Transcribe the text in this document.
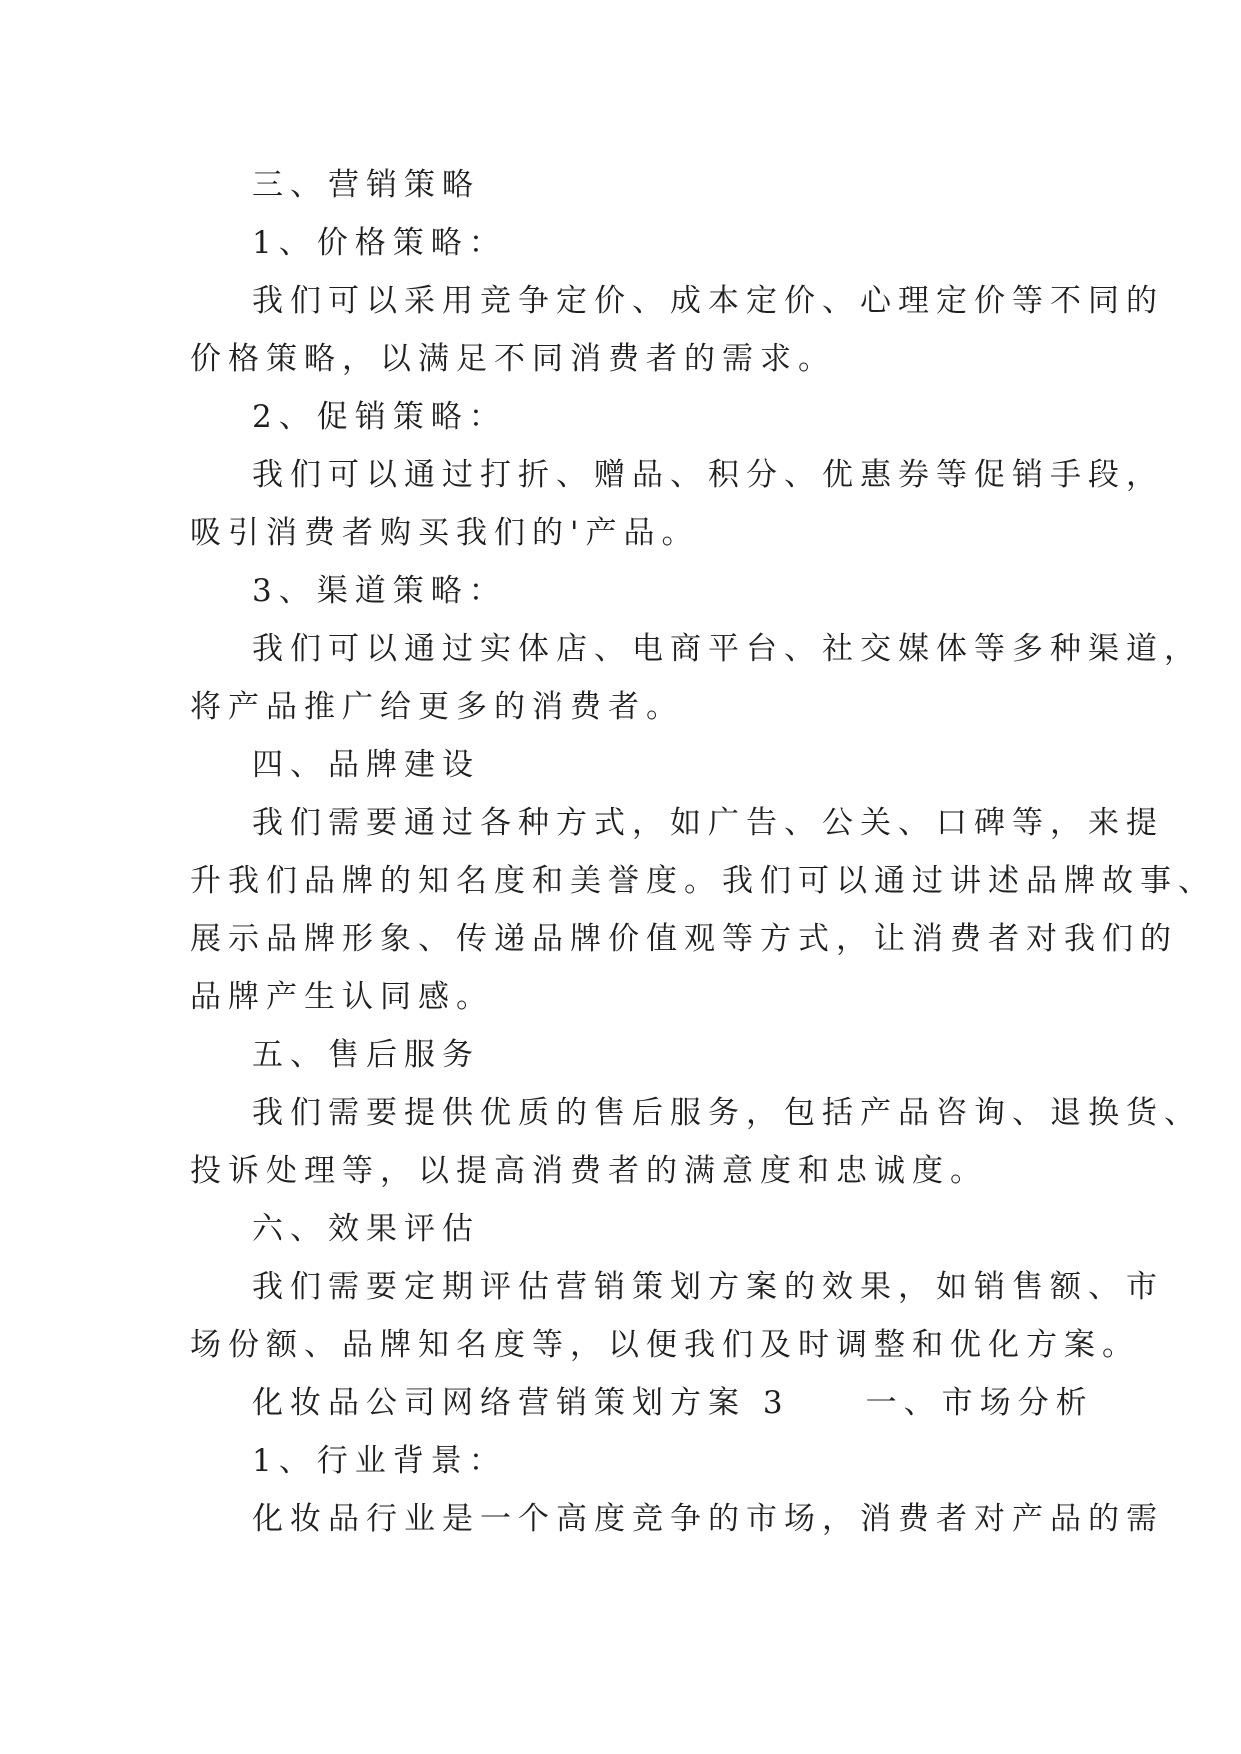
三、营销策略

1、价格策略：

我们可以采用竞争定价、成本定价、心理定价等不同的

价格策略，以满足不同消费者的需求。

2、促销策略：

我们可以通过打折、赠品、积分、优惠券等促销手段，

吸引消费者购买我们的'产品。

3、渠道策略：

我们可以通过实体店、电商平台、社交媒体等多种渠道，

将产品推广给更多的消费者。

四、品牌建设

我们需要通过各种方式，如广告、公关、口碑等，来提

升我们品牌的知名度和美誉度。我们可以通过讲述品牌故事、

展示品牌形象、传递品牌价值观等方式，让消费者对我们的

品牌产生认同感。

五、售后服务

我们需要提供优质的售后服务，包括产品咨询、退换货、

投诉处理等，以提高消费者的满意度和忠诚度。

六、效果评估

我们需要定期评估营销策划方案的效果，如销售额、市

场份额、品牌知名度等，以便我们及时调整和优化方案。

化妆品公司网络营销策划方案 3　　一、市场分析

1、行业背景：

化妆品行业是一个高度竞争的市场，消费者对产品的需
